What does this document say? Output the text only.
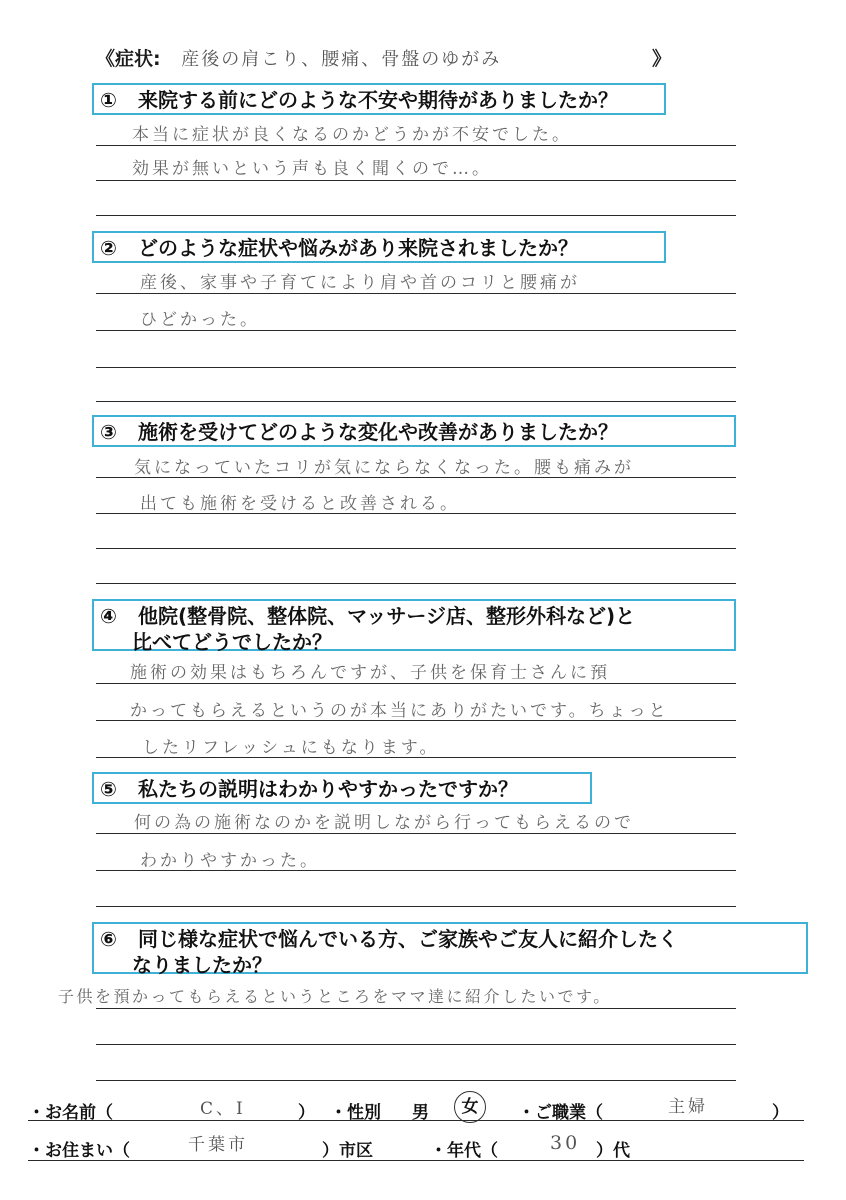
《症状: 産後の肩こり、腰痛、骨盤のゆがみ	》
① 来院する前にどのような不安や期待がありましたか？
本当に症状が良くなるのかどうかが不安でした。
効果が無いという声も良く聞くので…。
② どのような症状や悩みがあり来院されましたか？
産後、家事や子育てにより肩や首のコリと腰痛が
ひどかった。
③ 施術を受けてどのような変化や改善がありましたか？
気になっていたコリが気にならなくなった。腰も痛みが
出ても施術を受けると改善される。
④ 他院(整骨院、整体院、マッサージ店、整形外科など)と
比べてどうでしたか？
施術の効果はもちろんですが、子供を保育士さんに預
かってもらえるというのが本当にありがたいです。ちょっと
したリフレッシュにもなります。
⑤ 私たちの説明はわかりやすかったですか？
何の為の施術なのかを説明しながら行ってもらえるので
わかりやすかった。
⑥ 同じ様な症状で悩んでいる方、ご家族やご友人に紹介したく
なりましたか？
子供を預かってもらえるというところをママ達に紹介したいです。
・お名前（	C、I	） ・性別 男	女	・ご職業（	主婦	）
・お住まい（	千葉市	）市区	・年代（	30 ）代
